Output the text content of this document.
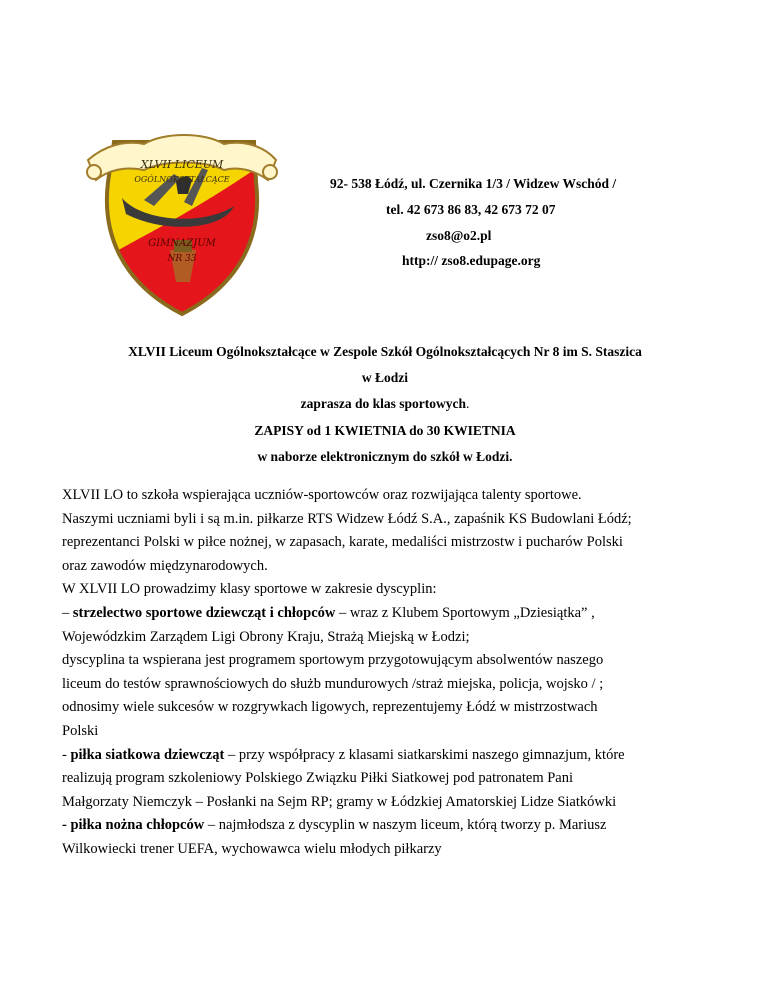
XLVII LICEUM
OGÓLNOKSZTAŁCĄCE
GIMNAZJUM
NR 33
92- 538 Łódź, ul. Czernika 1/3 / Widzew Wschód /
tel. 42 673 86 83, 42 673 72 07
zso8@o2.pl
http:// zso8.edupage.org
XLVII Liceum Ogólnokształcące w Zespole Szkół Ogólnokształcących Nr 8 im S. Staszica
w Łodzi
zaprasza do klas sportowych.
ZAPISY od 1 KWIETNIA do 30 KWIETNIA
w naborze elektronicznym do szkół w Łodzi.
XLVII LO to szkoła wspierająca uczniów-sportowców oraz rozwijająca talenty sportowe.
Naszymi uczniami byli i są m.in. piłkarze RTS Widzew Łódź S.A., zapaśnik KS Budowlani Łódź;
reprezentanci Polski w piłce nożnej, w zapasach, karate, medaliści mistrzostw i pucharów Polski
oraz zawodów międzynarodowych.
W XLVII LO prowadzimy klasy sportowe w zakresie dyscyplin:
– strzelectwo sportowe dziewcząt i chłopców – wraz z Klubem Sportowym „Dziesiątka” ,
Wojewódzkim Zarządem Ligi Obrony Kraju, Strażą Miejską w Łodzi;
dyscyplina ta wspierana jest programem sportowym przygotowującym absolwentów naszego
liceum do testów sprawnościowych do służb mundurowych /straż miejska, policja, wojsko / ;
odnosimy wiele sukcesów w rozgrywkach ligowych, reprezentujemy Łódź w mistrzostwach
Polski
- piłka siatkowa dziewcząt – przy współpracy z klasami siatkarskimi naszego gimnazjum, które
realizują program szkoleniowy Polskiego Związku Piłki Siatkowej pod patronatem Pani
Małgorzaty Niemczyk – Posłanki na Sejm RP; gramy w Łódzkiej Amatorskiej Lidze Siatkówki
- piłka nożna chłopców – najmłodsza z dyscyplin w naszym liceum, którą tworzy p. Mariusz
Wilkowiecki trener UEFA, wychowawca wielu młodych piłkarzy
